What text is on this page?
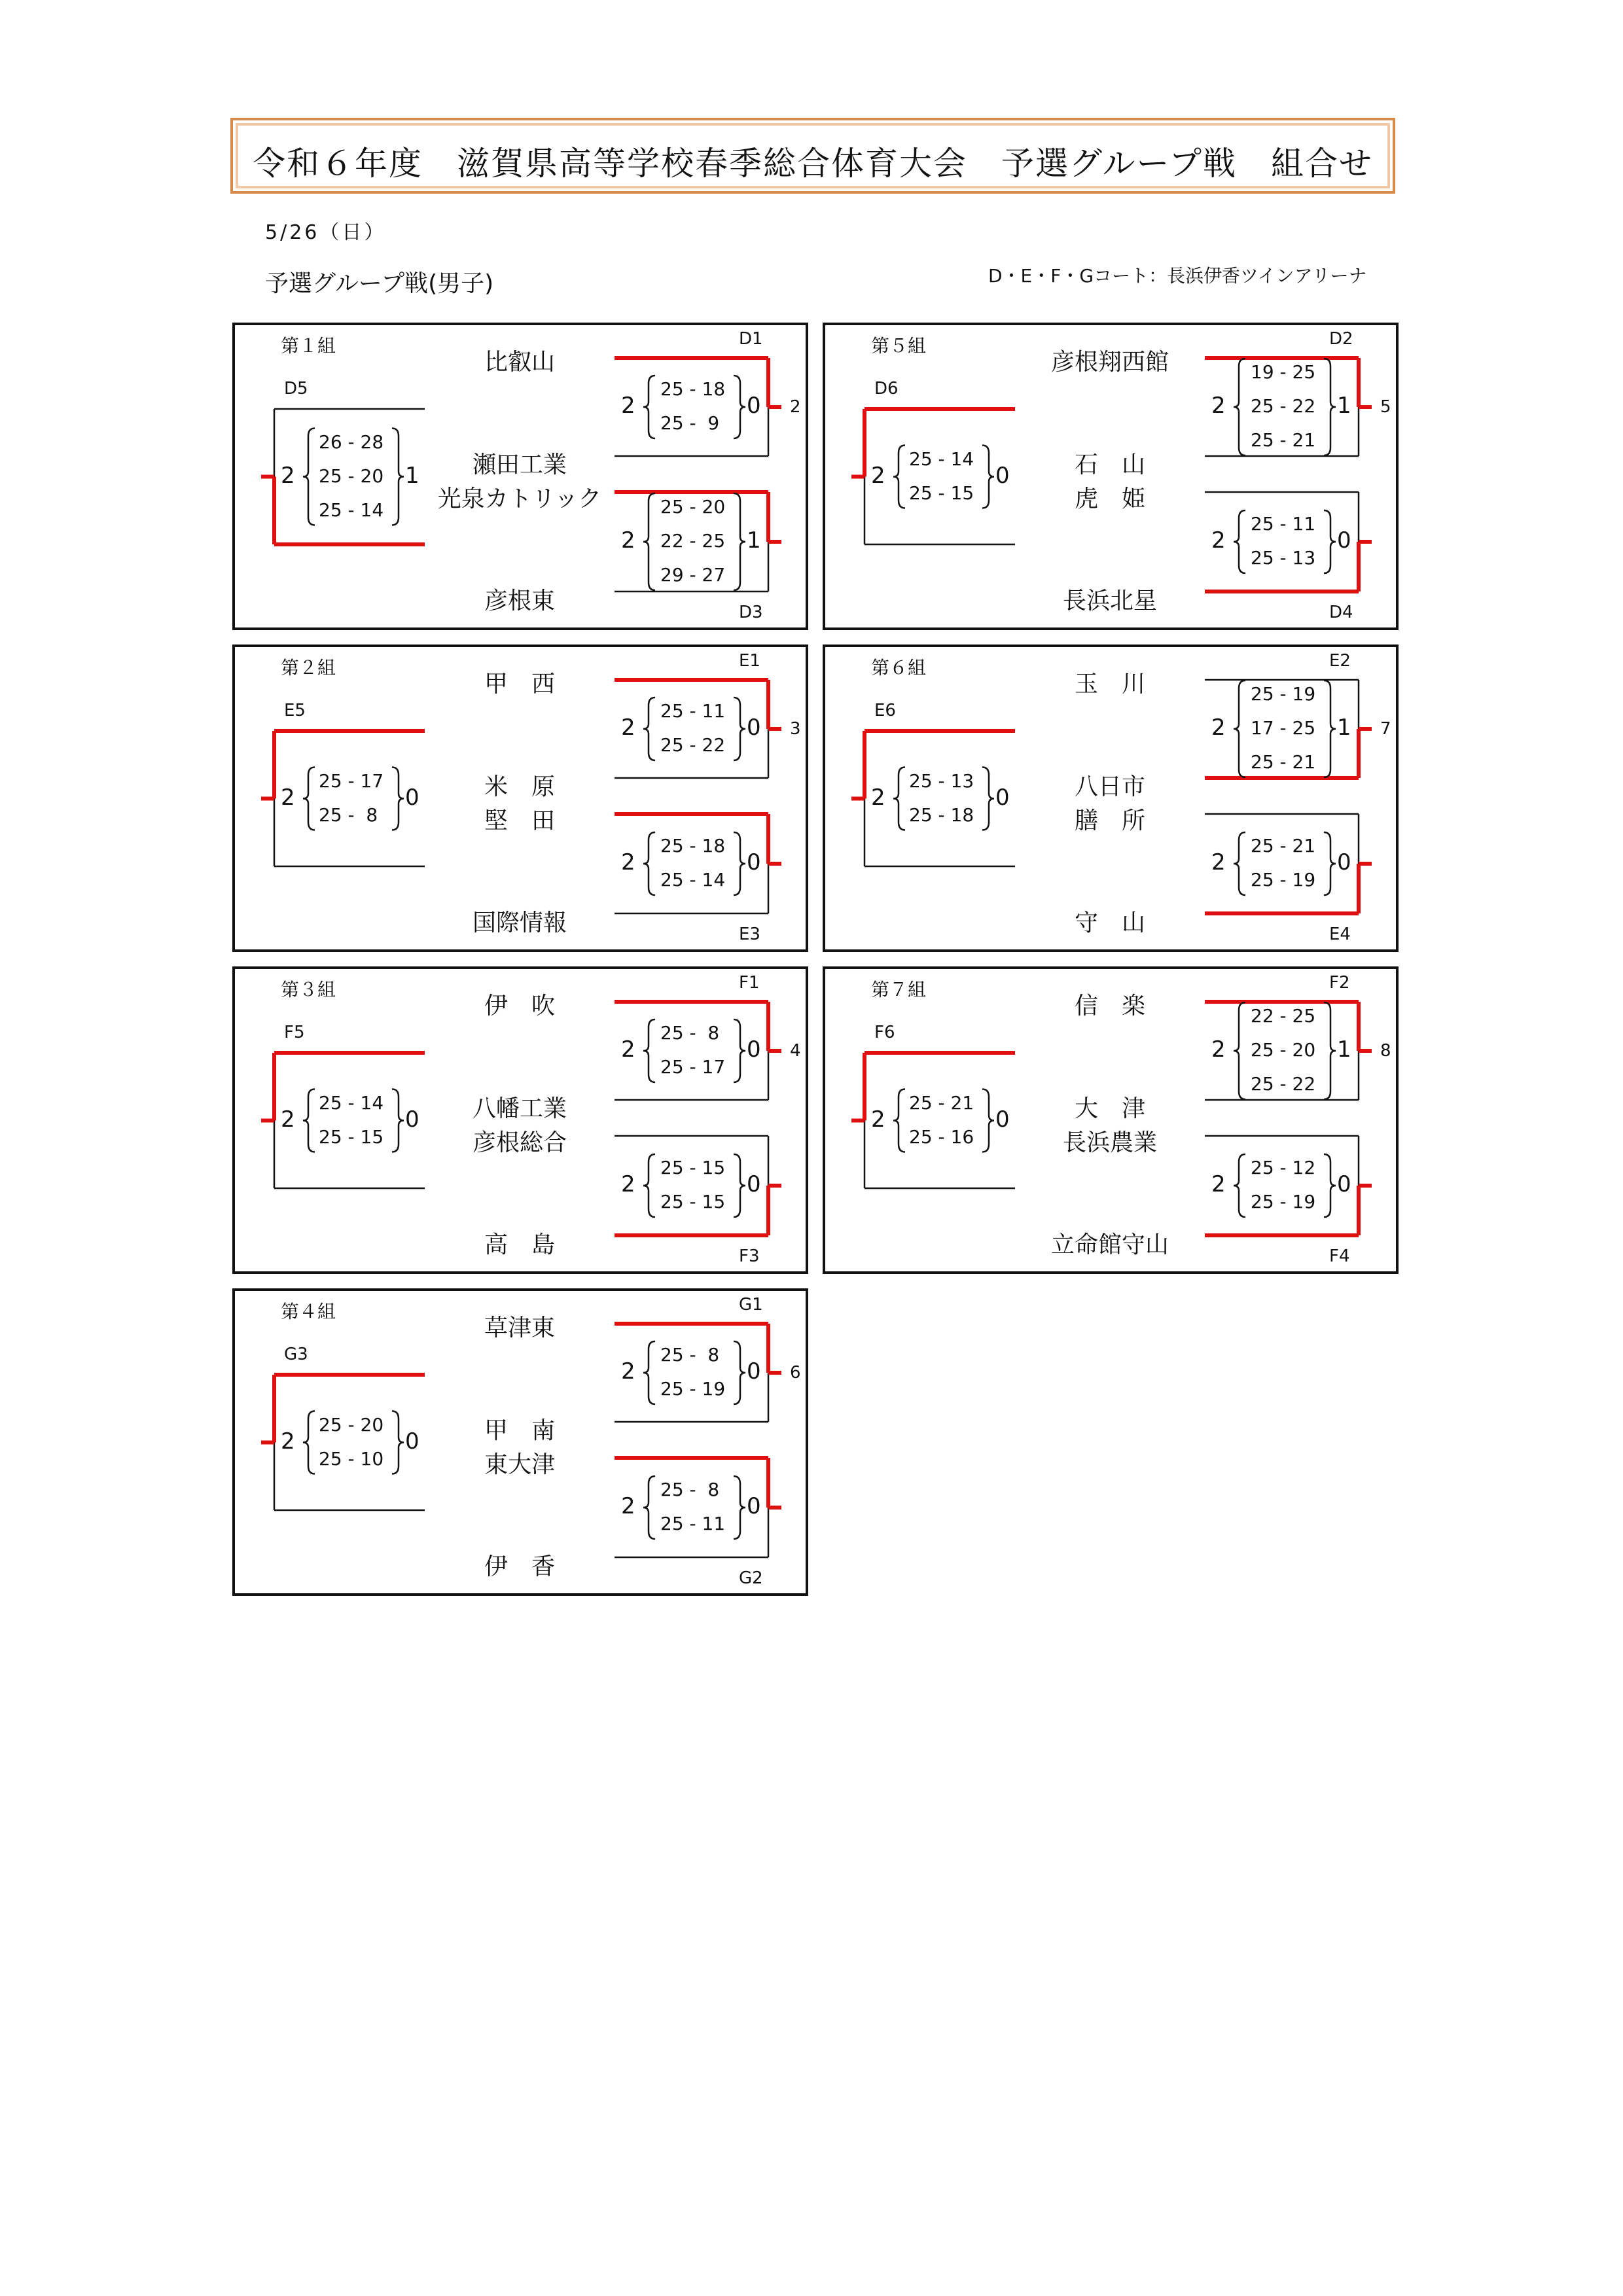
令和６年度　滋賀県高等学校春季総合体育大会　予選グループ戦　組合せ
5/26（日）
予選グループ戦(男子)	D・E・F・Gコート：長浜伊香ツインアリーナ
第１組
比叡山
瀬田工業
光泉カトリック
彦根東
2	0
25 - 18
25 -  9
2	1
25 - 20
22 - 25
29 - 27
2	1
26 - 28
25 - 20
25 - 14
D1
D3
D5
2
第５組
彦根翔西館
石　山
虎　姫
長浜北星
2	1
19 - 25
25 - 22
25 - 21
2	0
25 - 11
25 - 13
2	0
25 - 14
25 - 15
D2
D4
D6
5
第２組
甲　西
米　原
堅　田
国際情報
2	0
25 - 11
25 - 22
2	0
25 - 18
25 - 14
2	0
25 - 17
25 -  8
E1
E3
E5
3
第６組
玉　川
八日市
膳　所
守　山
2	1
25 - 19
17 - 25
25 - 21
2	0
25 - 21
25 - 19
2	0
25 - 13
25 - 18
E2
E4
E6
7
第３組
伊　吹
八幡工業
彦根総合
高　島
2	0
25 -  8
25 - 17
2	0
25 - 15
25 - 15
2	0
25 - 14
25 - 15
F1
F3
F5
4
第７組
信　楽
大　津
長浜農業
立命館守山
2	1
22 - 25
25 - 20
25 - 22
2	0
25 - 12
25 - 19
2	0
25 - 21
25 - 16
F2
F4
F6
8
第４組
草津東
甲　南
東大津
伊　香
2	0
25 -  8
25 - 19
2	0
25 -  8
25 - 11
2	0
25 - 20
25 - 10
G1
G2
G3
6
